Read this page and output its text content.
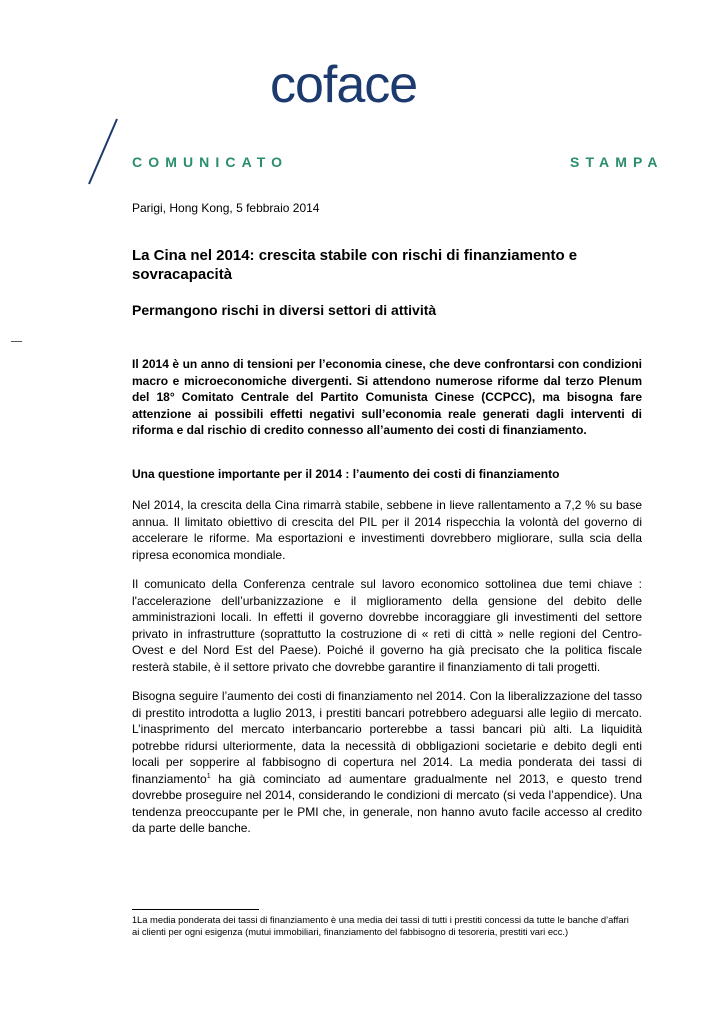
coface
COMUNICATO	STAMPA
Parigi, Hong Kong, 5 febbraio 2014
La Cina nel 2014: crescita stabile con rischi di finanziamento e sovracapacità
Permangono rischi in diversi settori di attività
Il 2014 è un anno di tensioni per l’economia cinese, che deve confrontarsi con condizioni macro e microeconomiche divergenti. Si attendono numerose riforme dal terzo Plenum del 18° Comitato Centrale del Partito Comunista Cinese (CCPCC), ma bisogna fare attenzione ai possibili effetti negativi sull’economia reale generati dagli interventi di riforma e dal rischio di credito connesso all’aumento dei costi di finanziamento.
Una questione importante per il 2014 : l’aumento dei costi di finanziamento
Nel 2014, la crescita della Cina rimarrà stabile, sebbene in lieve rallentamento a 7,2 % su base annua. Il limitato obiettivo di crescita del PIL per il 2014 rispecchia la volontà del governo di accelerare le riforme. Ma esportazioni e investimenti dovrebbero migliorare, sulla scia della ripresa economica mondiale.
Il comunicato della Conferenza centrale sul lavoro economico sottolinea due temi chiave : l'accelerazione dell’urbanizzazione e il miglioramento della gensione del debito delle amministrazioni locali. In effetti il governo dovrebbe incoraggiare gli investimenti del settore privato in infrastrutture (soprattutto la costruzione di « reti di città » nelle regioni del Centro-Ovest e del Nord Est del Paese). Poiché il governo ha già precisato che la politica fiscale resterà stabile, è il settore privato che dovrebbe garantire il finanziamento di tali progetti.
Bisogna seguire l’aumento dei costi di finanziamento nel 2014. Con la liberalizzazione del tasso di prestito introdotta a luglio 2013, i prestiti bancari potrebbero adeguarsi alle legiio di mercato. L’inasprimento del mercato interbancario porterebbe a tassi bancari più alti. La liquidità potrebbe ridursi ulteriormente, data la necessità di obbligazioni societarie e debito degli enti locali per sopperire al fabbisogno di copertura nel 2014. La media ponderata dei tassi di finanziamento$^1$ ha già cominciato ad aumentare gradualmente nel 2013, e questo trend dovrebbe proseguire nel 2014, considerando le condizioni di mercato (si veda l’appendice). Una tendenza preoccupante per le PMI che, in generale, non hanno avuto facile accesso al credito da parte delle banche.
1La media ponderata dei tassi di finanziamento è una media dei tassi di tutti i prestiti concessi da tutte le banche d’affari ai clienti per ogni esigenza (mutui immobiliari, finanziamento del fabbisogno di tesoreria, prestiti vari ecc.)
